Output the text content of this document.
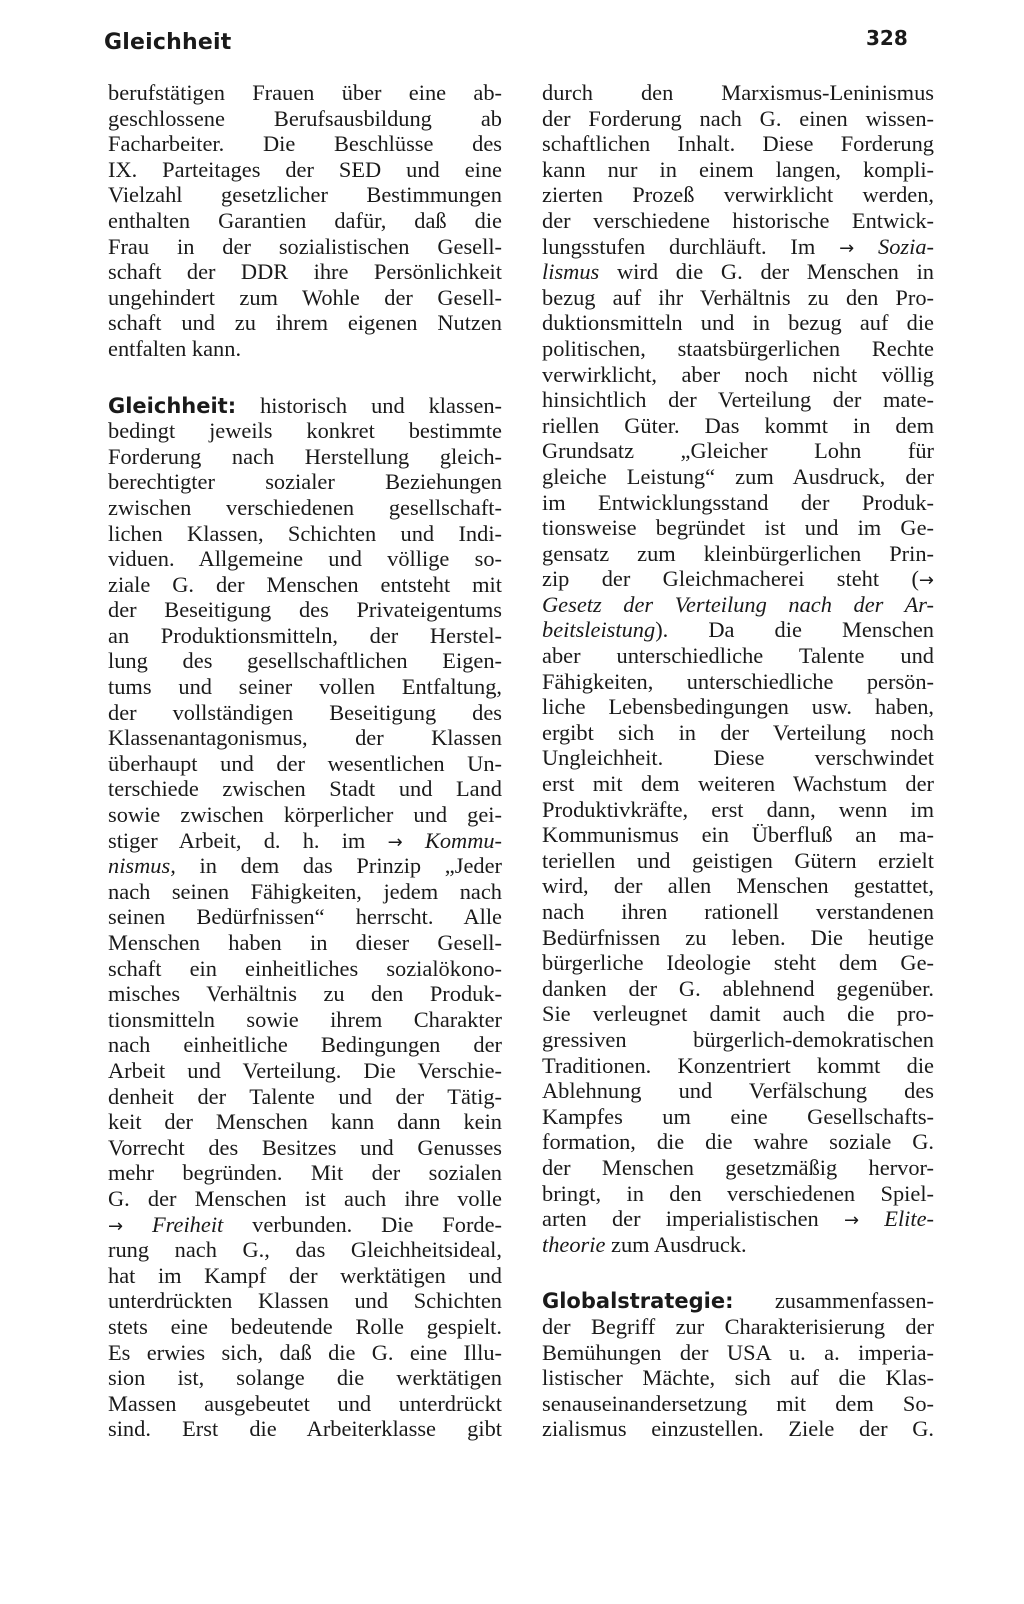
Gleichheit	328
berufstätigen Frauen über eine ab-
geschlossene Berufsausbildung ab
Facharbeiter. Die Beschlüsse des
IX. Parteitages der SED und eine
Vielzahl gesetzlicher Bestimmungen
enthalten Garantien dafür, daß die
Frau in der sozialistischen Gesell-
schaft der DDR ihre Persönlichkeit
ungehindert zum Wohle der Gesell-
schaft und zu ihrem eigenen Nutzen
entfalten kann.
Gleichheit: historisch und klassen-
bedingt jeweils konkret bestimmte
Forderung nach Herstellung gleich-
berechtigter sozialer Beziehungen
zwischen verschiedenen gesellschaft-
lichen Klassen, Schichten und Indi-
viduen. Allgemeine und völlige so-
ziale G. der Menschen entsteht mit
der Beseitigung des Privateigentums
an Produktionsmitteln, der Herstel-
lung des gesellschaftlichen Eigen-
tums und seiner vollen Entfaltung,
der vollständigen Beseitigung des
Klassenantagonismus, der Klassen
überhaupt und der wesentlichen Un-
terschiede zwischen Stadt und Land
sowie zwischen körperlicher und gei-
stiger Arbeit, d. h. im → Kommu-
nismus, in dem das Prinzip „Jeder
nach seinen Fähigkeiten, jedem nach
seinen Bedürfnissen“ herrscht. Alle
Menschen haben in dieser Gesell-
schaft ein einheitliches sozialökono-
misches Verhältnis zu den Produk-
tionsmitteln sowie ihrem Charakter
nach einheitliche Bedingungen der
Arbeit und Verteilung. Die Verschie-
denheit der Talente und der Tätig-
keit der Menschen kann dann kein
Vorrecht des Besitzes und Genusses
mehr begründen. Mit der sozialen
G. der Menschen ist auch ihre volle
→ Freiheit verbunden. Die Forde-
rung nach G., das Gleichheitsideal,
hat im Kampf der werktätigen und
unterdrückten Klassen und Schichten
stets eine bedeutende Rolle gespielt.
Es erwies sich, daß die G. eine Illu-
sion ist, solange die werktätigen
Massen ausgebeutet und unterdrückt
sind. Erst die Arbeiterklasse gibt
durch den Marxismus-Leninismus
der Forderung nach G. einen wissen-
schaftlichen Inhalt. Diese Forderung
kann nur in einem langen, kompli-
zierten Prozeß verwirklicht werden,
der verschiedene historische Entwick-
lungsstufen durchläuft. Im → Sozia-
lismus wird die G. der Menschen in
bezug auf ihr Verhältnis zu den Pro-
duktionsmitteln und in bezug auf die
politischen, staatsbürgerlichen Rechte
verwirklicht, aber noch nicht völlig
hinsichtlich der Verteilung der mate-
riellen Güter. Das kommt in dem
Grundsatz „Gleicher Lohn für
gleiche Leistung“ zum Ausdruck, der
im Entwicklungsstand der Produk-
tionsweise begründet ist und im Ge-
gensatz zum kleinbürgerlichen Prin-
zip der Gleichmacherei steht (→
Gesetz der Verteilung nach der Ar-
beitsleistung). Da die Menschen
aber unterschiedliche Talente und
Fähigkeiten, unterschiedliche persön-
liche Lebensbedingungen usw. haben,
ergibt sich in der Verteilung noch
Ungleichheit. Diese verschwindet
erst mit dem weiteren Wachstum der
Produktivkräfte, erst dann, wenn im
Kommunismus ein Überfluß an ma-
teriellen und geistigen Gütern erzielt
wird, der allen Menschen gestattet,
nach ihren rationell verstandenen
Bedürfnissen zu leben. Die heutige
bürgerliche Ideologie steht dem Ge-
danken der G. ablehnend gegenüber.
Sie verleugnet damit auch die pro-
gressiven bürgerlich-demokratischen
Traditionen. Konzentriert kommt die
Ablehnung und Verfälschung des
Kampfes um eine Gesellschafts-
formation, die die wahre soziale G.
der Menschen gesetzmäßig hervor-
bringt, in den verschiedenen Spiel-
arten der imperialistischen → Elite-
theorie zum Ausdruck.
Globalstrategie: zusammenfassen-
der Begriff zur Charakterisierung der
Bemühungen der USA u. a. imperia-
listischer Mächte, sich auf die Klas-
senauseinandersetzung mit dem So-
zialismus einzustellen. Ziele der G.
